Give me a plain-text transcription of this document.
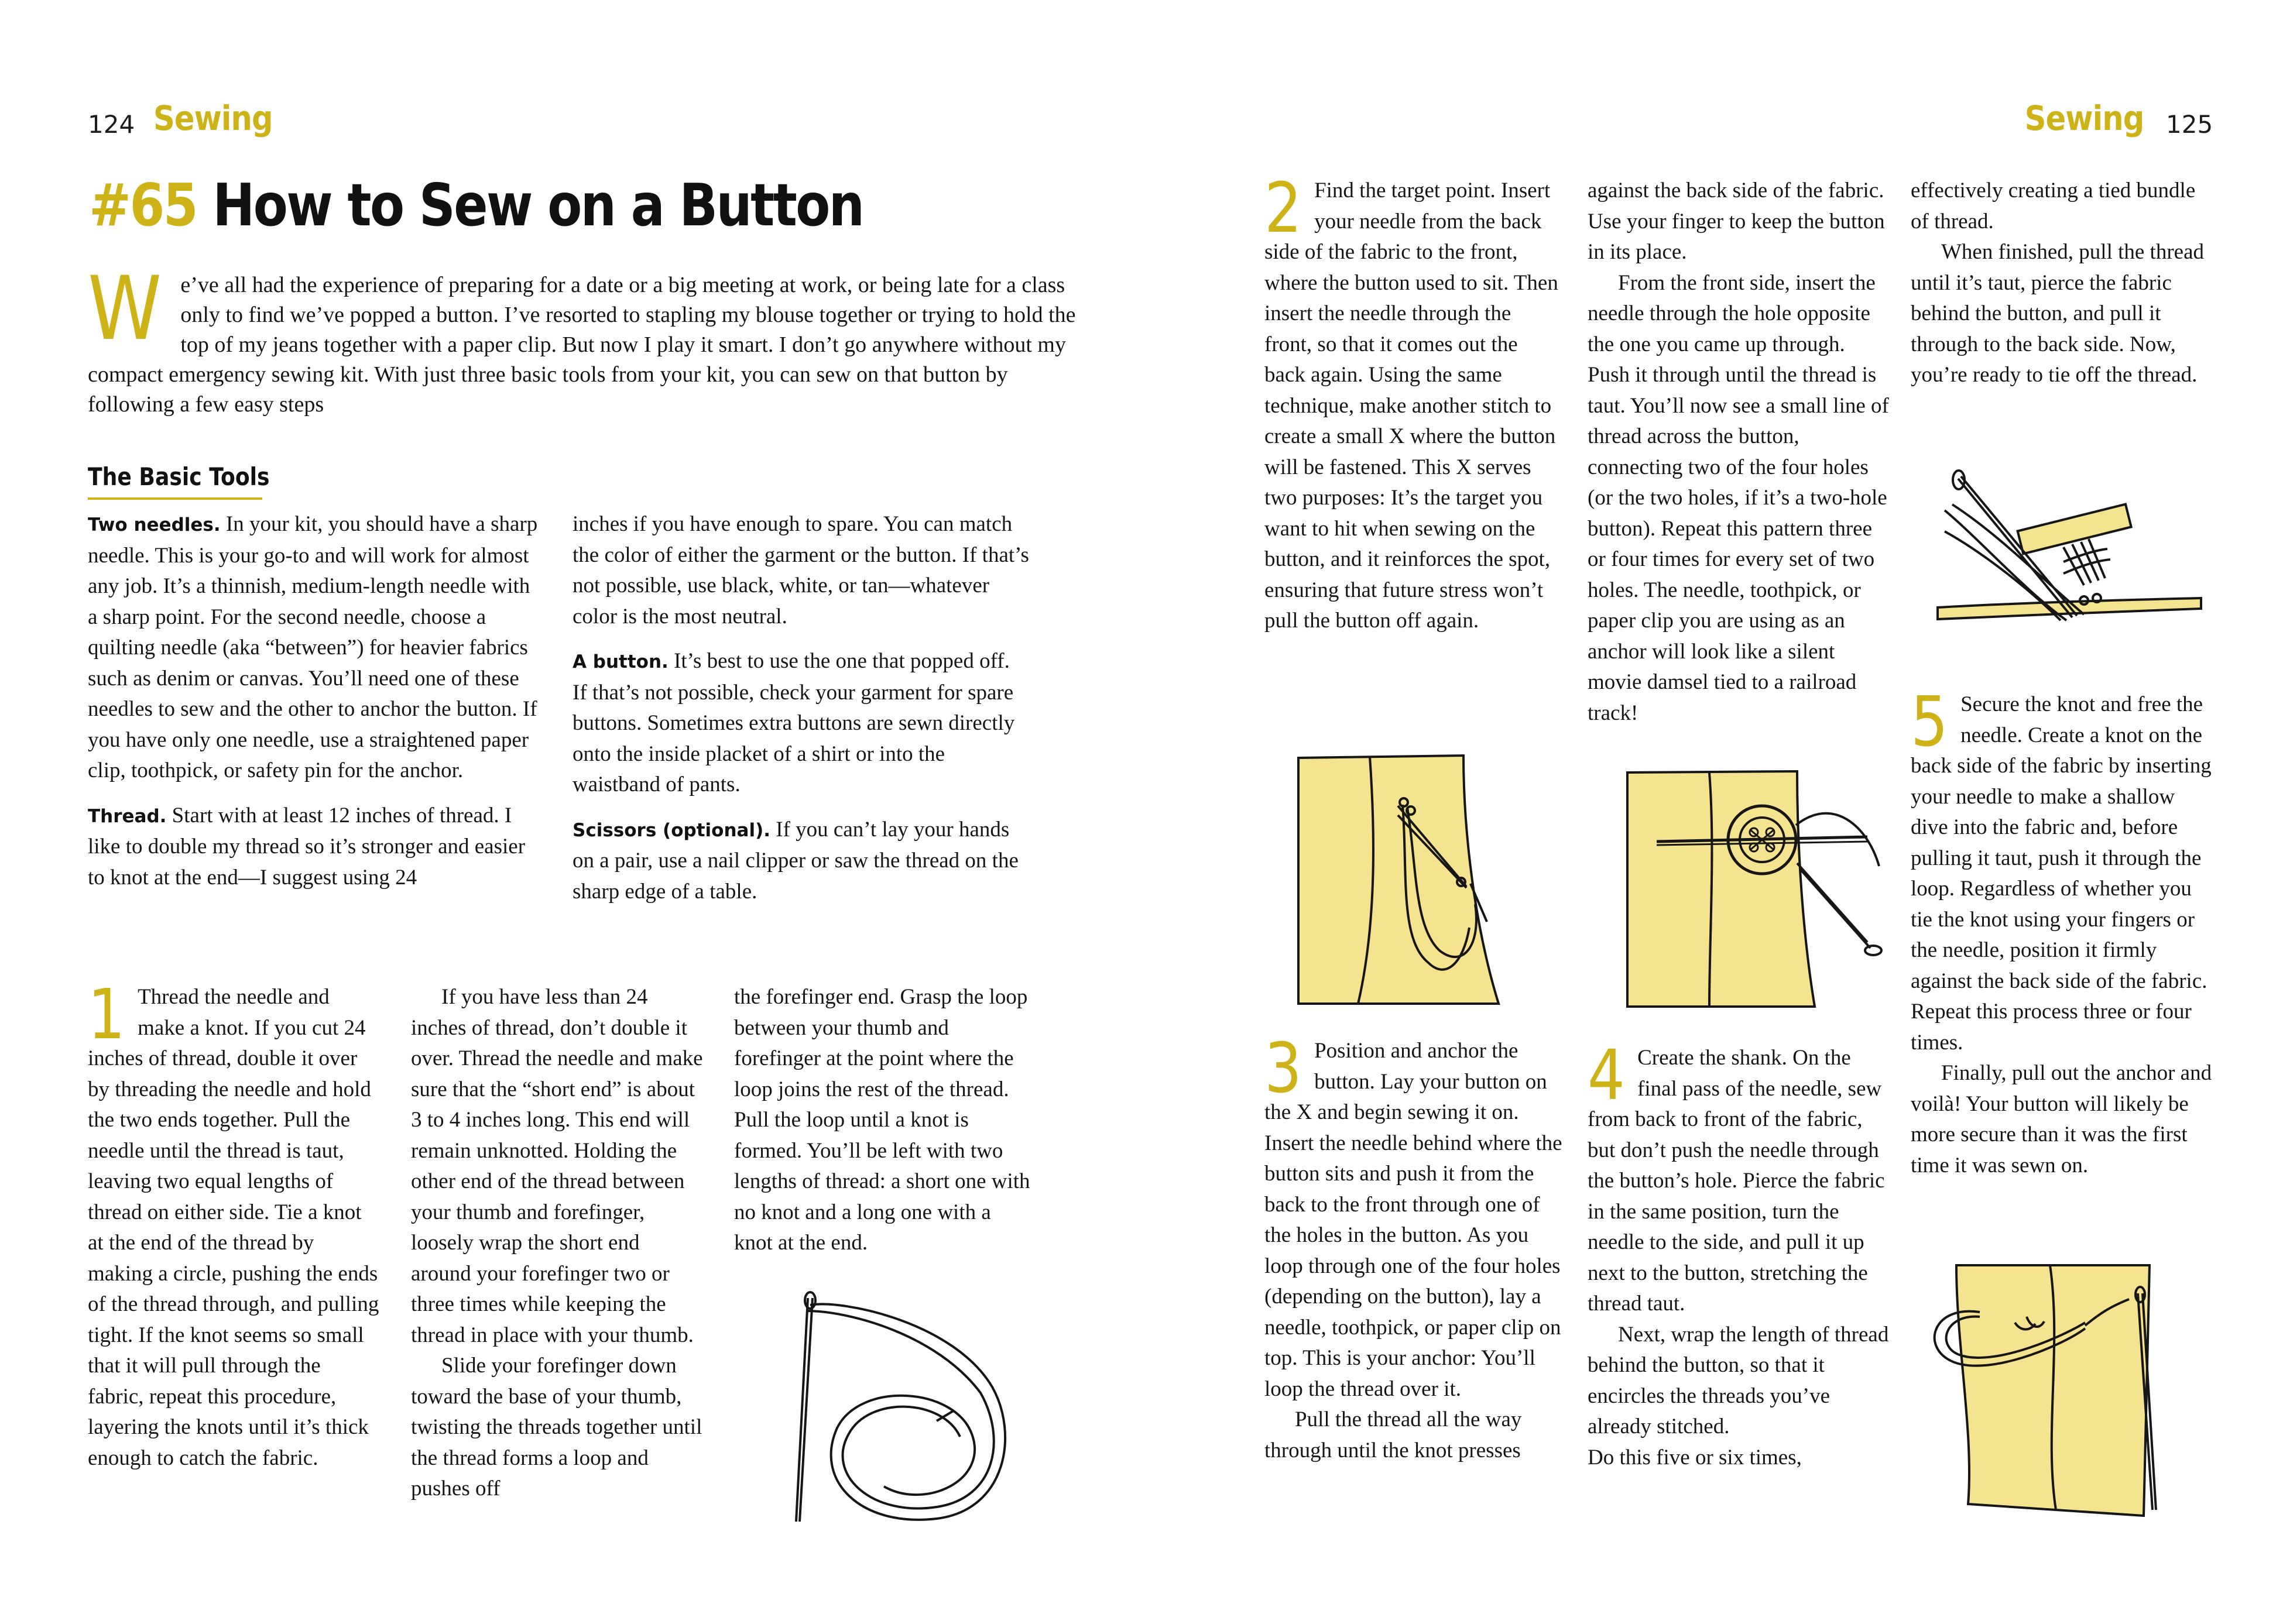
124 Sewing
#65 How to Sew on a Button
We’ve all had the experience of preparing for a date or a big meeting at work, or being late for a class only to find we’ve popped a button. I’ve resorted to stapling my blouse together or trying to hold the top of my jeans together with a paper clip. But now I play it smart. I don’t go anywhere without my compact emergency sewing kit. With just three basic tools from your kit, you can sew on that button by following a few easy steps
The Basic Tools

Two needles. In your kit, you should have a sharp needle. This is your go-to and will work for almost any job. It’s a thinnish, medium-length needle with a sharp point. For the second needle, choose a quilting needle (aka “between”) for heavier fabrics such as denim or canvas. You’ll need one of these needles to sew and the other to anchor the button. If you have only one needle, use a straightened paper clip, toothpick, or safety pin for the anchor.

Thread. Start with at least 12 inches of thread. I like to double my thread so it’s stronger and easier to knot at the end—I suggest using 24

inches if you have enough to spare. You can match the color of either the garment or the button. If that’s not possible, use black, white, or tan—whatever color is the most neutral.

A button. It’s best to use the one that popped off. If that’s not possible, check your garment for spare buttons. Sometimes extra buttons are sewn directly onto the inside placket of a shirt or into the waistband of pants.

Scissors (optional). If you can’t lay your hands on a pair, use a nail clipper or saw the thread on the sharp edge of a table.

1 Thread the needle and make a knot. If you cut 24 inches of thread, double it over by threading the needle and hold the two ends together. Pull the needle until the thread is taut, leaving two equal lengths of thread on either side. Tie a knot at the end of the thread by making a circle, pushing the ends of the thread through, and pulling tight. If the knot seems so small that it will pull through the fabric, repeat this procedure, layering the knots until it’s thick enough to catch the fabric.

If you have less than 24 inches of thread, don’t double it over. Thread the needle and make sure that the “short end” is about 3 to 4 inches long. This end will remain unknotted. Holding the other end of the thread between your thumb and forefinger, loosely wrap the short end around your forefinger two or three times while keeping the thread in place with your thumb.

Slide your forefinger down toward the base of your thumb, twisting the threads together until the thread forms a loop and pushes off

the forefinger end. Grasp the loop between your thumb and forefinger at the point where the loop joins the rest of the thread. Pull the loop until a knot is formed. You’ll be left with two lengths of thread: a short one with no knot and a long one with a knot at the end.

Sewing 125

2 Find the target point. Insert your needle from the back side of the fabric to the front, where the button used to sit. Then insert the needle through the front, so that it comes out the back again. Using the same technique, make another stitch to create a small X where the button will be fastened. This X serves two purposes: It’s the target you want to hit when sewing on the button, and it reinforces the spot, ensuring that future stress won’t pull the button off again.

against the back side of the fabric. Use your finger to keep the button in its place.

From the front side, insert the needle through the hole opposite the one you came up through. Push it through until the thread is taut. You’ll now see a small line of thread across the button, connecting two of the four holes (or the two holes, if it’s a two-hole button). Repeat this pattern three or four times for every set of two holes. The needle, toothpick, or paper clip you are using as an anchor will look like a silent movie damsel tied to a railroad track!

effectively creating a tied bundle of thread.

When finished, pull the thread until it’s taut, pierce the fabric behind the button, and pull it through to the back side. Now, you’re ready to tie off the thread.

3 Position and anchor the button. Lay your button on the X and begin sewing it on. Insert the needle behind where the button sits and push it from the back to the front through one of the holes in the button. As you loop through one of the four holes (depending on the button), lay a needle, toothpick, or paper clip on top. This is your anchor: You’ll loop the thread over it.

Pull the thread all the way through until the knot presses

4 Create the shank. On the final pass of the needle, sew from back to front of the fabric, but don’t push the needle through the button’s hole. Pierce the fabric in the same position, turn the needle to the side, and pull it up next to the button, stretching the thread taut.

Next, wrap the length of thread behind the button, so that it encircles the threads you’ve already stitched.

Do this five or six times,

5 Secure the knot and free the needle. Create a knot on the back side of the fabric by inserting your needle to make a shallow dive into the fabric and, before pulling it taut, push it through the loop. Regardless of whether you tie the knot using your fingers or the needle, position it firmly against the back side of the fabric. Repeat this process three or four times.

Finally, pull out the anchor and voilà! Your button will likely be more secure than it was the first time it was sewn on.
